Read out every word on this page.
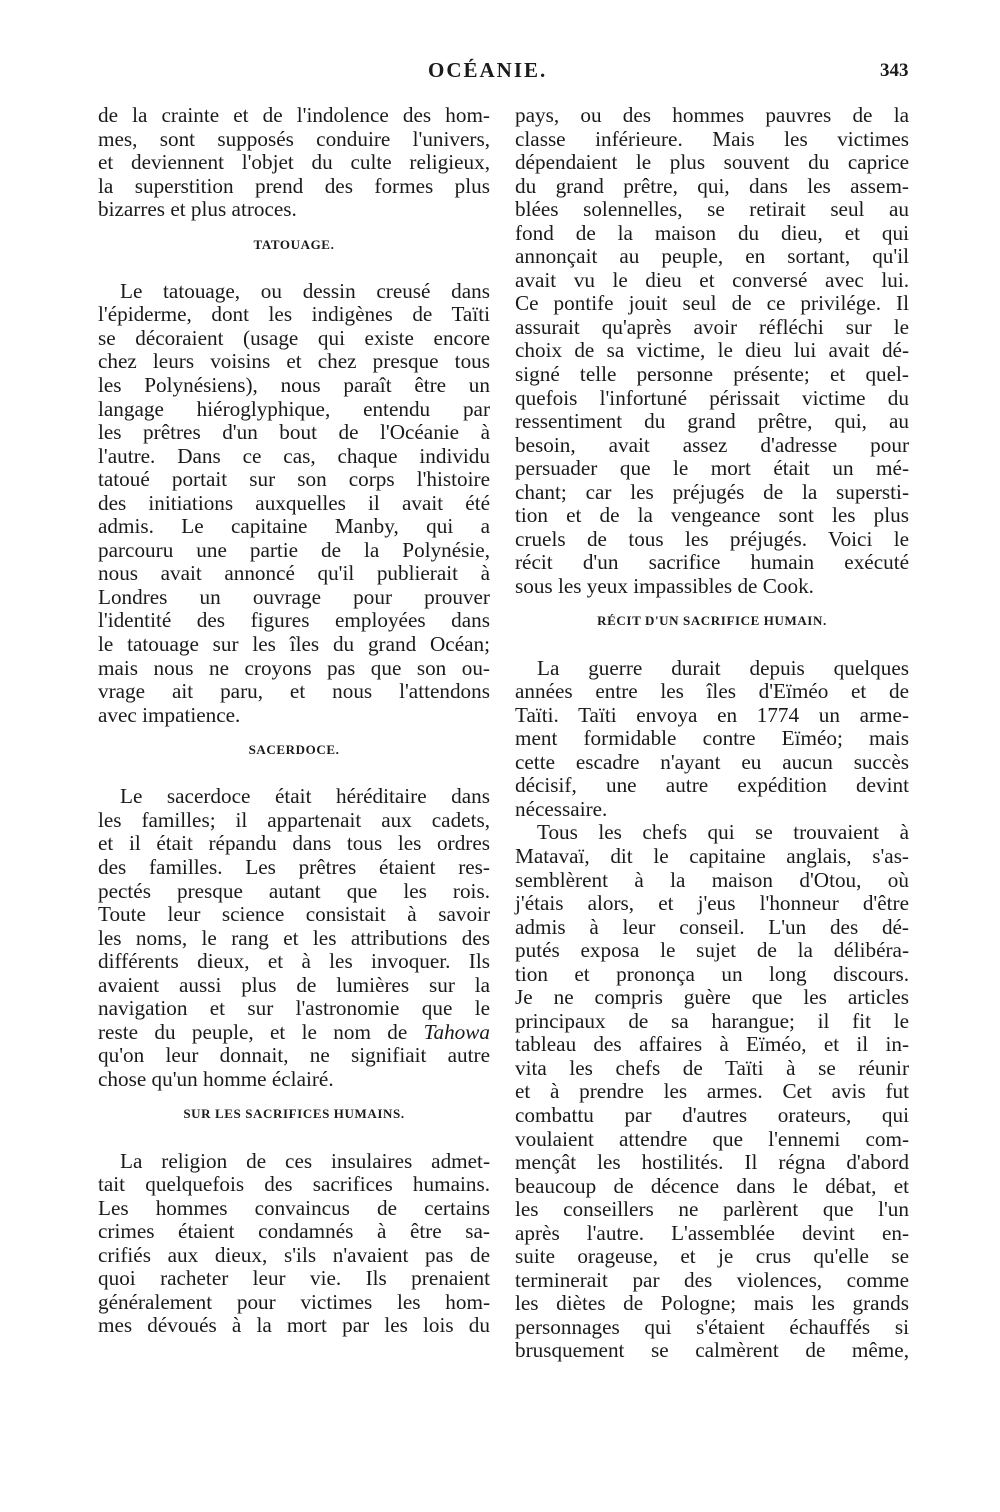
OCÉANIE.	343
de la crainte et de l'indolence des hom-
mes, sont supposés conduire l'univers,
et deviennent l'objet du culte religieux,
la superstition prend des formes plus
bizarres et plus atroces.
TATOUAGE.
Le tatouage, ou dessin creusé dans
l'épiderme, dont les indigènes de Taïti
se décoraient (usage qui existe encore
chez leurs voisins et chez presque tous
les Polynésiens), nous paraît être un
langage hiéroglyphique, entendu par
les prêtres d'un bout de l'Océanie à
l'autre. Dans ce cas, chaque individu
tatoué portait sur son corps l'histoire
des initiations auxquelles il avait été
admis. Le capitaine Manby, qui a
parcouru une partie de la Polynésie,
nous avait annoncé qu'il publierait à
Londres un ouvrage pour prouver
l'identité des figures employées dans
le tatouage sur les îles du grand Océan;
mais nous ne croyons pas que son ou-
vrage ait paru, et nous l'attendons
avec impatience.
SACERDOCE.
Le sacerdoce était héréditaire dans
les familles; il appartenait aux cadets,
et il était répandu dans tous les ordres
des familles. Les prêtres étaient res-
pectés presque autant que les rois.
Toute leur science consistait à savoir
les noms, le rang et les attributions des
différents dieux, et à les invoquer. Ils
avaient aussi plus de lumières sur la
navigation et sur l'astronomie que le
reste du peuple, et le nom de Tahowa
qu'on leur donnait, ne signifiait autre
chose qu'un homme éclairé.
SUR LES SACRIFICES HUMAINS.
La religion de ces insulaires admet-
tait quelquefois des sacrifices humains.
Les hommes convaincus de certains
crimes étaient condamnés à être sa-
crifiés aux dieux, s'ils n'avaient pas de
quoi racheter leur vie. Ils prenaient
généralement pour victimes les hom-
mes dévoués à la mort par les lois du
pays, ou des hommes pauvres de la
classe inférieure. Mais les victimes
dépendaient le plus souvent du caprice
du grand prêtre, qui, dans les assem-
blées solennelles, se retirait seul au
fond de la maison du dieu, et qui
annonçait au peuple, en sortant, qu'il
avait vu le dieu et conversé avec lui.
Ce pontife jouit seul de ce privilége. Il
assurait qu'après avoir réfléchi sur le
choix de sa victime, le dieu lui avait dé-
signé telle personne présente; et quel-
quefois l'infortuné périssait victime du
ressentiment du grand prêtre, qui, au
besoin, avait assez d'adresse pour
persuader que le mort était un mé-
chant; car les préjugés de la supersti-
tion et de la vengeance sont les plus
cruels de tous les préjugés. Voici le
récit d'un sacrifice humain exécuté
sous les yeux impassibles de Cook.
RÉCIT D'UN SACRIFICE HUMAIN.
La guerre durait depuis quelques
années entre les îles d'Eïméo et de
Taïti. Taïti envoya en 1774 un arme-
ment formidable contre Eïméo; mais
cette escadre n'ayant eu aucun succès
décisif, une autre expédition devint
nécessaire.
Tous les chefs qui se trouvaient à
Matavaï, dit le capitaine anglais, s'as-
semblèrent à la maison d'Otou, où
j'étais alors, et j'eus l'honneur d'être
admis à leur conseil. L'un des dé-
putés exposa le sujet de la délibéra-
tion et prononça un long discours.
Je ne compris guère que les articles
principaux de sa harangue; il fit le
tableau des affaires à Eïméo, et il in-
vita les chefs de Taïti à se réunir
et à prendre les armes. Cet avis fut
combattu par d'autres orateurs, qui
voulaient attendre que l'ennemi com-
mençât les hostilités. Il régna d'abord
beaucoup de décence dans le débat, et
les conseillers ne parlèrent que l'un
après l'autre. L'assemblée devint en-
suite orageuse, et je crus qu'elle se
terminerait par des violences, comme
les diètes de Pologne; mais les grands
personnages qui s'étaient échauffés si
brusquement se calmèrent de même,
